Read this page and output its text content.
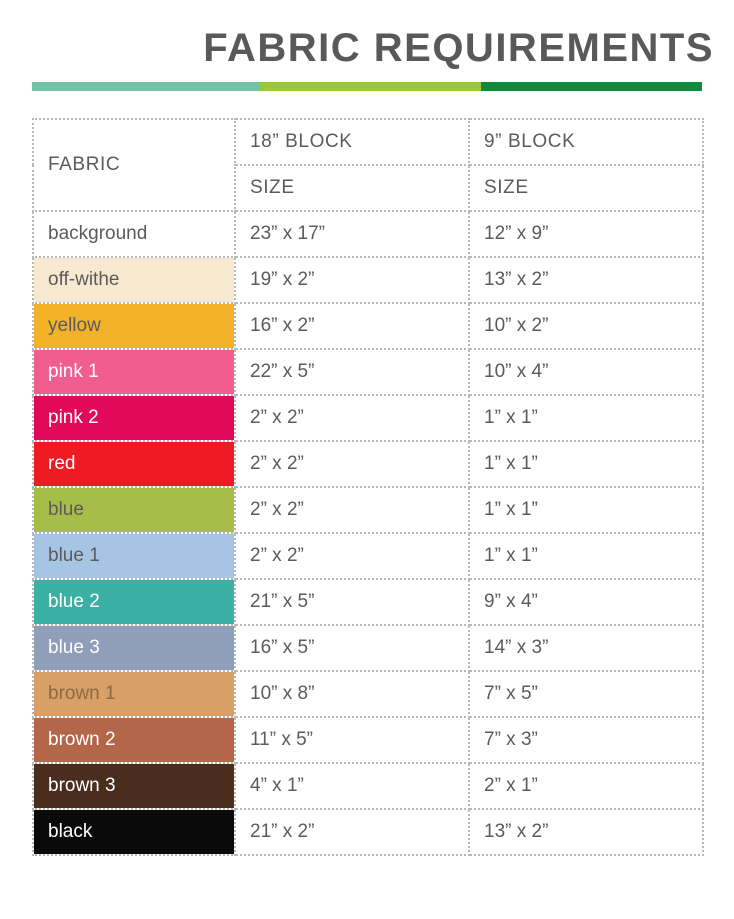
FABRIC REQUIREMENTS
FABRIC	18” BLOCK	9” BLOCK
	SIZE	SIZE
background	23” x 17”	12” x 9”
off-withe	19” x 2”	13” x 2”
yellow	16” x 2”	10” x 2”
pink 1	22” x 5”	10” x 4”
pink 2	2” x 2”	1” x 1”
red	2” x 2”	1” x 1”
blue	2” x 2”	1” x 1”
blue 1	2” x 2”	1” x 1”
blue 2	21” x 5”	9” x 4”
blue 3	16” x 5”	14” x 3”
brown 1	10” x 8”	7” x 5”
brown 2	11” x 5”	7” x 3”
brown 3	4” x 1”	2” x 1”
black	21” x 2”	13” x 2”
